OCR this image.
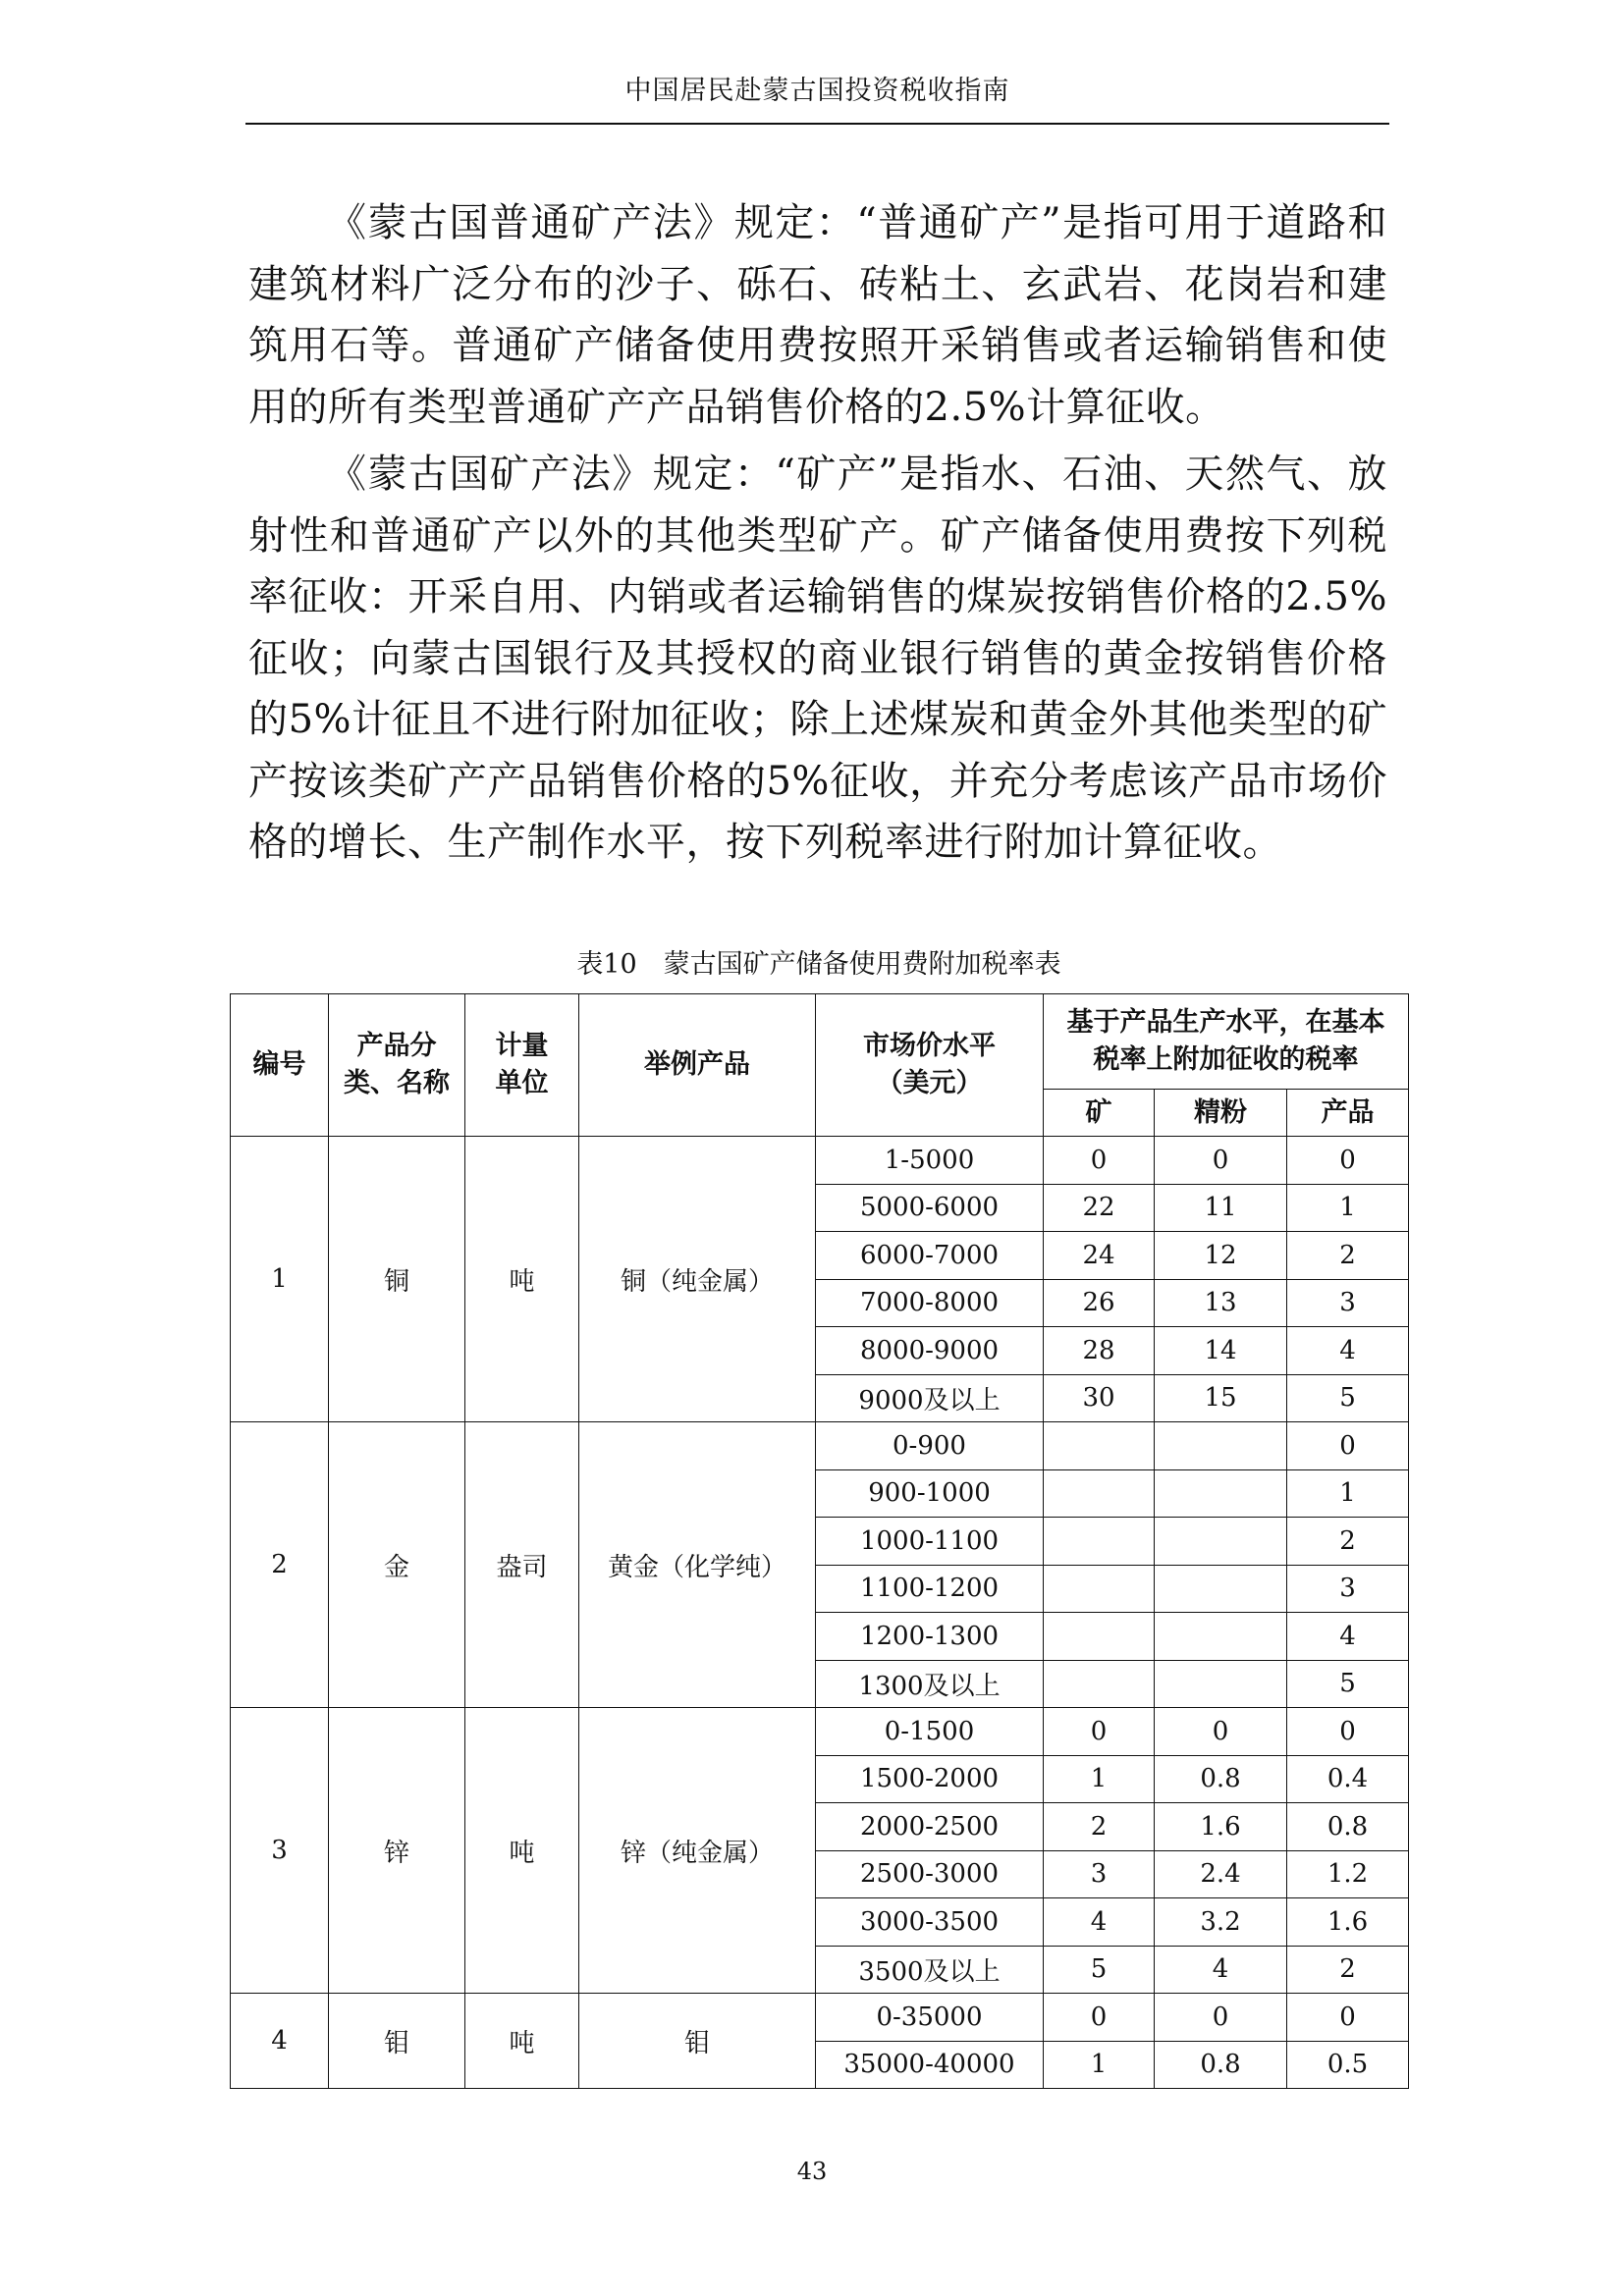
中国居民赴蒙古国投资税收指南

《蒙古国普通矿产法》规定：“普通矿产”是指可用于道路和建筑材料广泛分布的沙子、砾石、砖粘土、玄武岩、花岗岩和建筑用石等。普通矿产储备使用费按照开采销售或者运输销售和使用的所有类型普通矿产产品销售价格的2.5%计算征收。

《蒙古国矿产法》规定：“矿产”是指水、石油、天然气、放射性和普通矿产以外的其他类型矿产。矿产储备使用费按下列税率征收：开采自用、内销或者运输销售的煤炭按销售价格的2.5%征收；向蒙古国银行及其授权的商业银行销售的黄金按销售价格的5%计征且不进行附加征收；除上述煤炭和黄金外其他类型的矿产按该类矿产产品销售价格的5%征收，并充分考虑该产品市场价格的增长、生产制作水平，按下列税率进行附加计算征收。

表10　蒙古国矿产储备使用费附加税率表
编号	产品分类、名称	计量单位	举例产品	市场价水平（美元）	基于产品生产水平，在基本税率上附加征收的税率		
					矿	精粉	产品
1	铜	吨	铜（纯金属）	1-5000	0	0	0
				5000-6000	22	11	1
				6000-7000	24	12	2
				7000-8000	26	13	3
				8000-9000	28	14	4
				9000及以上	30	15	5
2	金	盎司	黄金（化学纯）	0-900			0
				900-1000			1
				1000-1100			2
				1100-1200			3
				1200-1300			4
				1300及以上			5
3	锌	吨	锌（纯金属）	0-1500	0	0	0
				1500-2000	1	0.8	0.4
				2000-2500	2	1.6	0.8
				2500-3000	3	2.4	1.2
				3000-3500	4	3.2	1.6
				3500及以上	5	4	2
4	钼	吨	钼	0-35000	0	0	0
				35000-40000	1	0.8	0.5
43
